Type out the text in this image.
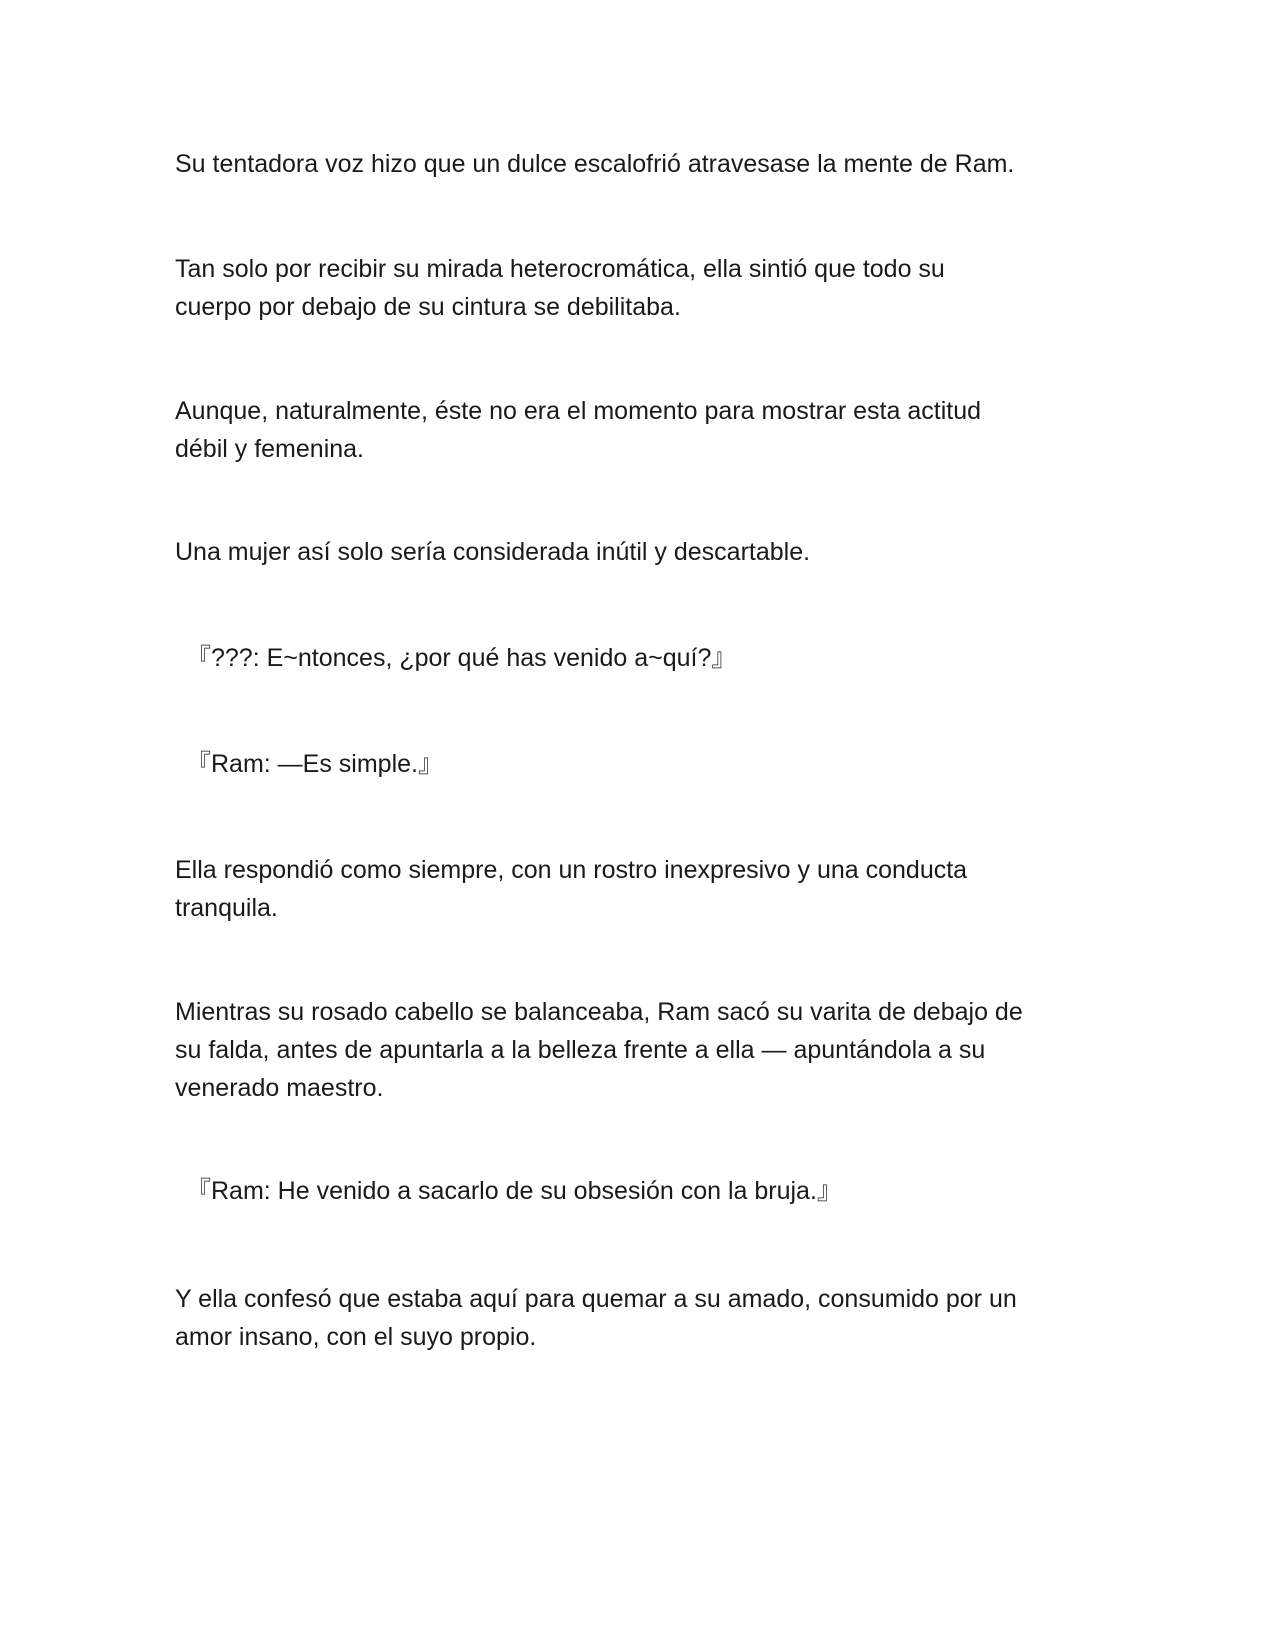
Su tentadora voz hizo que un dulce escalofrió atravesase la mente de Ram.

Tan solo por recibir su mirada heterocromática, ella sintió que todo su
cuerpo por debajo de su cintura se debilitaba.

Aunque, naturalmente, éste no era el momento para mostrar esta actitud
débil y femenina.

Una mujer así solo sería considerada inútil y descartable.

『???: E~ntonces, ¿por qué has venido a~quí?』

『Ram: —Es simple.』

Ella respondió como siempre, con un rostro inexpresivo y una conducta
tranquila.

Mientras su rosado cabello se balanceaba, Ram sacó su varita de debajo de
su falda, antes de apuntarla a la belleza frente a ella — apuntándola a su
venerado maestro.

『Ram: He venido a sacarlo de su obsesión con la bruja.』

Y ella confesó que estaba aquí para quemar a su amado, consumido por un
amor insano, con el suyo propio.
